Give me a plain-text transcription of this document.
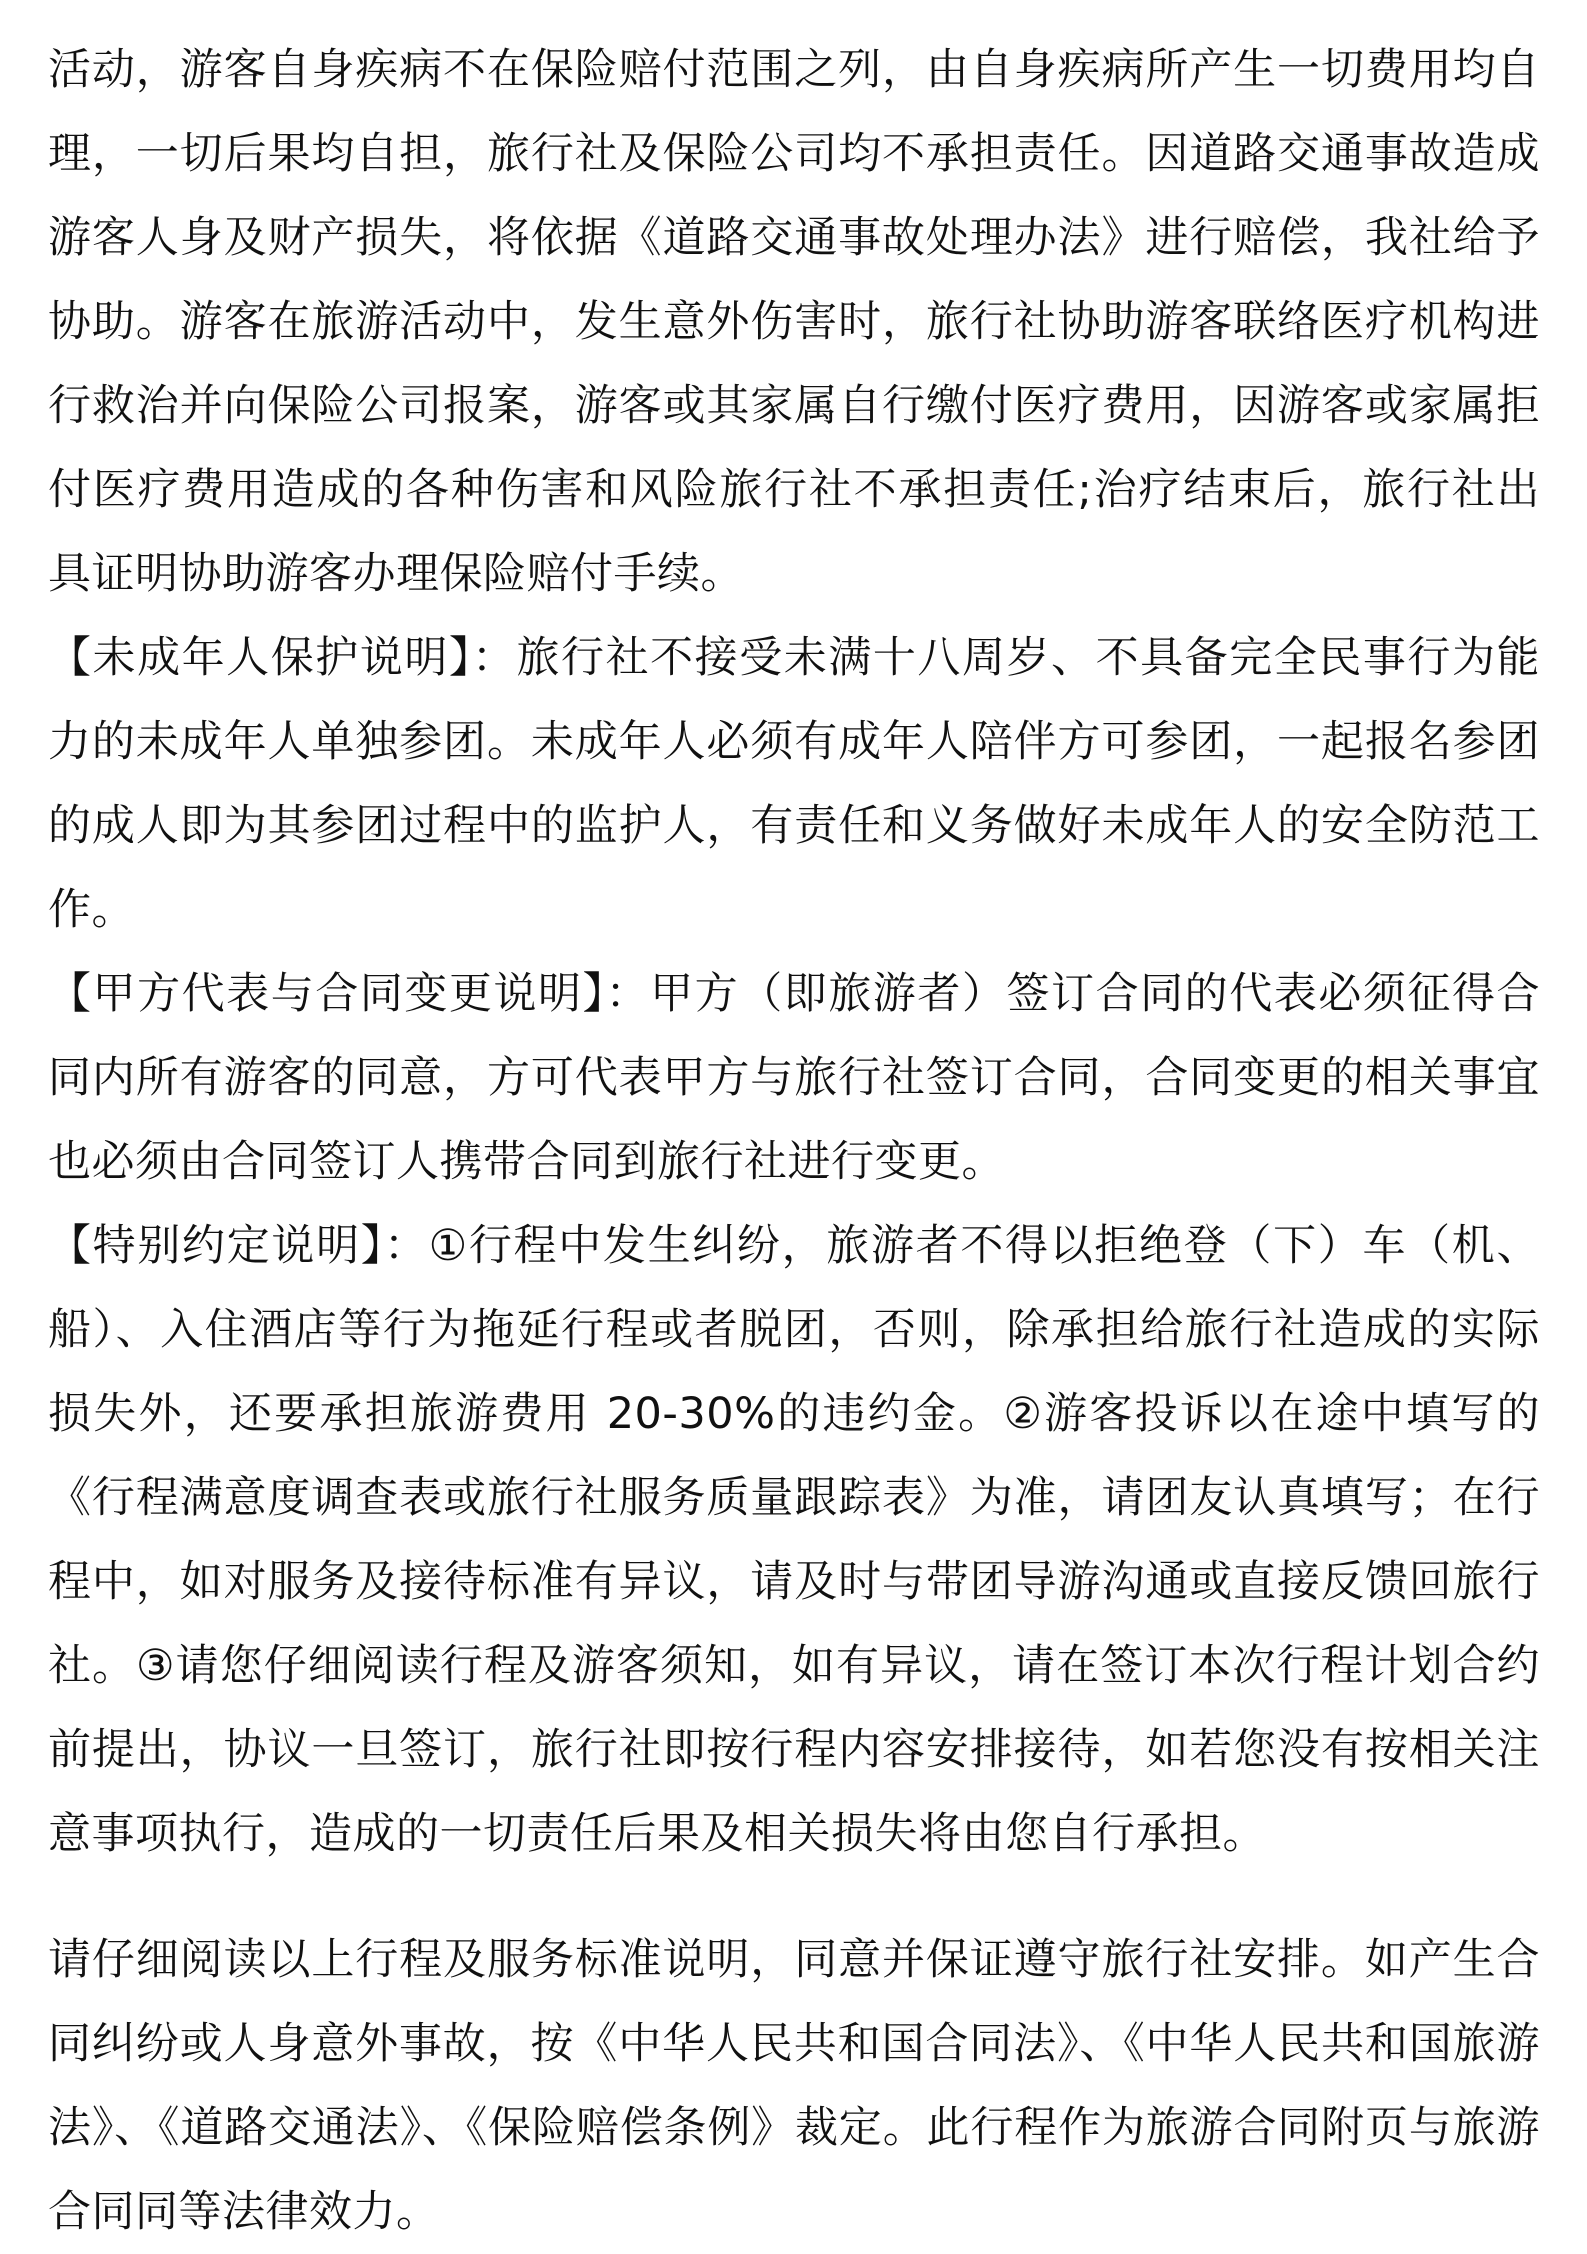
活动，游客自身疾病不在保险赔付范围之列，由自身疾病所产生一切费用均自理，一切后果均自担，旅行社及保险公司均不承担责任。因道路交通事故造成游客人身及财产损失，将依据《道路交通事故处理办法》进行赔偿，我社给予协助。游客在旅游活动中，发生意外伤害时，旅行社协助游客联络医疗机构进行救治并向保险公司报案，游客或其家属自行缴付医疗费用，因游客或家属拒付医疗费用造成的各种伤害和风险旅行社不承担责任;治疗结束后，旅行社出具证明协助游客办理保险赔付手续。

【未成年人保护说明】：旅行社不接受未满十八周岁、不具备完全民事行为能力的未成年人单独参团。未成年人必须有成年人陪伴方可参团，一起报名参团的成人即为其参团过程中的监护人，有责任和义务做好未成年人的安全防范工作。

【甲方代表与合同变更说明】：甲方（即旅游者）签订合同的代表必须征得合同内所有游客的同意，方可代表甲方与旅行社签订合同，合同变更的相关事宜也必须由合同签订人携带合同到旅行社进行变更。

【特别约定说明】：①行程中发生纠纷，旅游者不得以拒绝登（下）车（机、船）、入住酒店等行为拖延行程或者脱团，否则，除承担给旅行社造成的实际损失外，还要承担旅游费用 20-30%的违约金。②游客投诉以在途中填写的《行程满意度调查表或旅行社服务质量跟踪表》为准，请团友认真填写；在行程中，如对服务及接待标准有异议，请及时与带团导游沟通或直接反馈回旅行社。③请您仔细阅读行程及游客须知，如有异议，请在签订本次行程计划合约前提出，协议一旦签订，旅行社即按行程内容安排接待，如若您没有按相关注意事项执行，造成的一切责任后果及相关损失将由您自行承担。

请仔细阅读以上行程及服务标准说明，同意并保证遵守旅行社安排。如产生合同纠纷或人身意外事故，按《中华人民共和国合同法》、《中华人民共和国旅游法》、《道路交通法》、《保险赔偿条例》裁定。此行程作为旅游合同附页与旅游合同同等法律效力。
